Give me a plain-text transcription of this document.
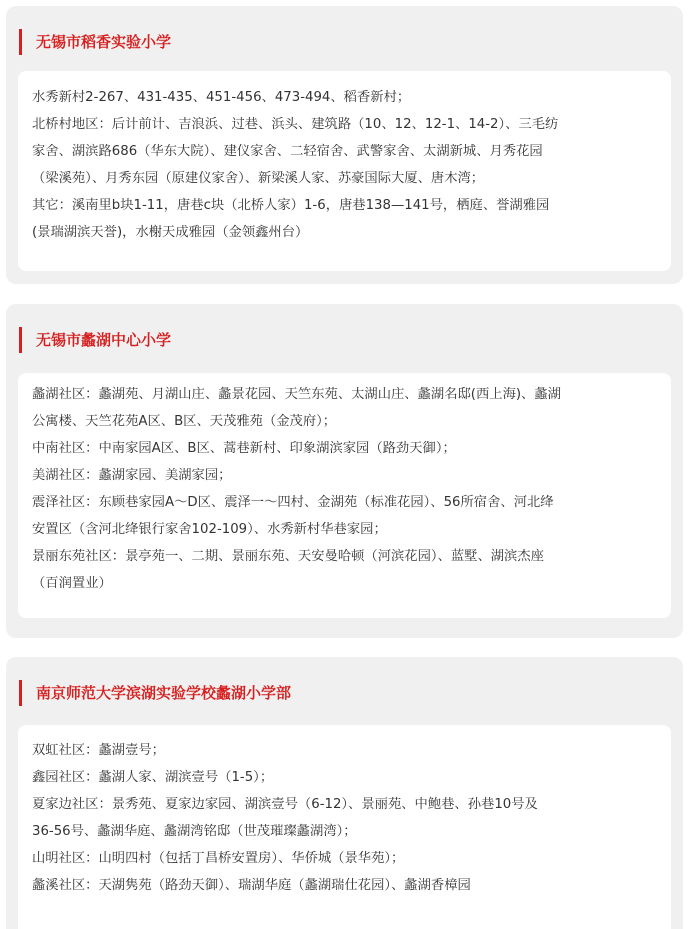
无锡市稻香实验小学
水秀新村2-267、431-435、451-456、473-494、稻香新村；
北桥村地区：后计前计、吉浪浜、过巷、浜头、建筑路（10、12、12-1、14-2）、三毛纺
家舍、湖滨路686（华东大院）、建仪家舍、二轻宿舍、武警家舍、太湖新城、月秀花园
（梁溪苑）、月秀东园（原建仪家舍）、新梁溪人家、苏豪国际大厦、唐木湾；
其它：溪南里b块1-11，唐巷c块（北桥人家）1-6，唐巷138—141号，栖庭、誉湖雅园
(景瑞湖滨天誉)，水榭天成雅园（金领鑫州台）
无锡市蠡湖中心小学
蠡湖社区：蠡湖苑、月湖山庄、蠡景花园、天竺东苑、太湖山庄、蠡湖名邸(西上海)、蠡湖
公寓楼、天竺花苑A区、B区、天茂雅苑（金茂府）；
中南社区：中南家园A区、B区、蒿巷新村、印象湖滨家园（路劲天御）；
美湖社区：蠡湖家园、美湖家园；
震泽社区：东顾巷家园A～D区、震泽一～四村、金湖苑（标准花园）、56所宿舍、河北绛
安置区（含河北绛银行家舍102-109）、水秀新村华巷家园；
景丽东苑社区：景亭苑一、二期、景丽东苑、天安曼哈顿（河滨花园）、蓝墅、湖滨杰座
（百润置业）
南京师范大学滨湖实验学校蠡湖小学部
双虹社区：蠡湖壹号；
鑫园社区：蠡湖人家、湖滨壹号（1-5）；
夏家边社区：景秀苑、夏家边家园、湖滨壹号（6-12）、景丽苑、中鲍巷、孙巷10号及
36-56号、蠡湖华庭、蠡湖湾铭邸（世茂璀璨蠡湖湾）；
山明社区：山明四村（包括丁昌桥安置房）、华侨城（景华苑）；
蠡溪社区：天湖隽苑（路劲天御）、瑞湖华庭（蠡湖瑞仕花园）、蠡湖香樟园
